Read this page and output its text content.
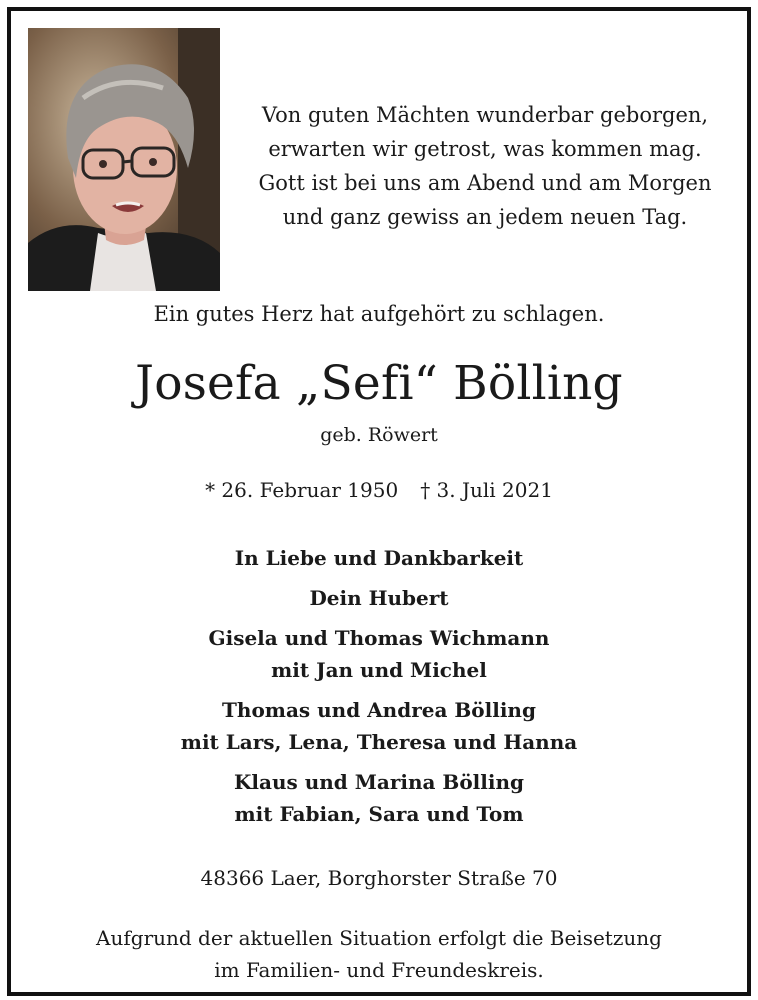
Von guten Mächten wunderbar geborgen,
erwarten wir getrost, was kommen mag.
Gott ist bei uns am Abend und am Morgen
und ganz gewiss an jedem neuen Tag.
Ein gutes Herz hat aufgehört zu schlagen.
Josefa „Sefi“ Bölling
geb. Röwert
* 26. Februar 1950 † 3. Juli 2021
In Liebe und Dankbarkeit
Dein Hubert
Gisela und Thomas Wichmann
mit Jan und Michel
Thomas und Andrea Bölling
mit Lars, Lena, Theresa und Hanna
Klaus und Marina Bölling
mit Fabian, Sara und Tom
48366 Laer, Borghorster Straße 70
Aufgrund der aktuellen Situation erfolgt die Beisetzung
im Familien- und Freundeskreis.
